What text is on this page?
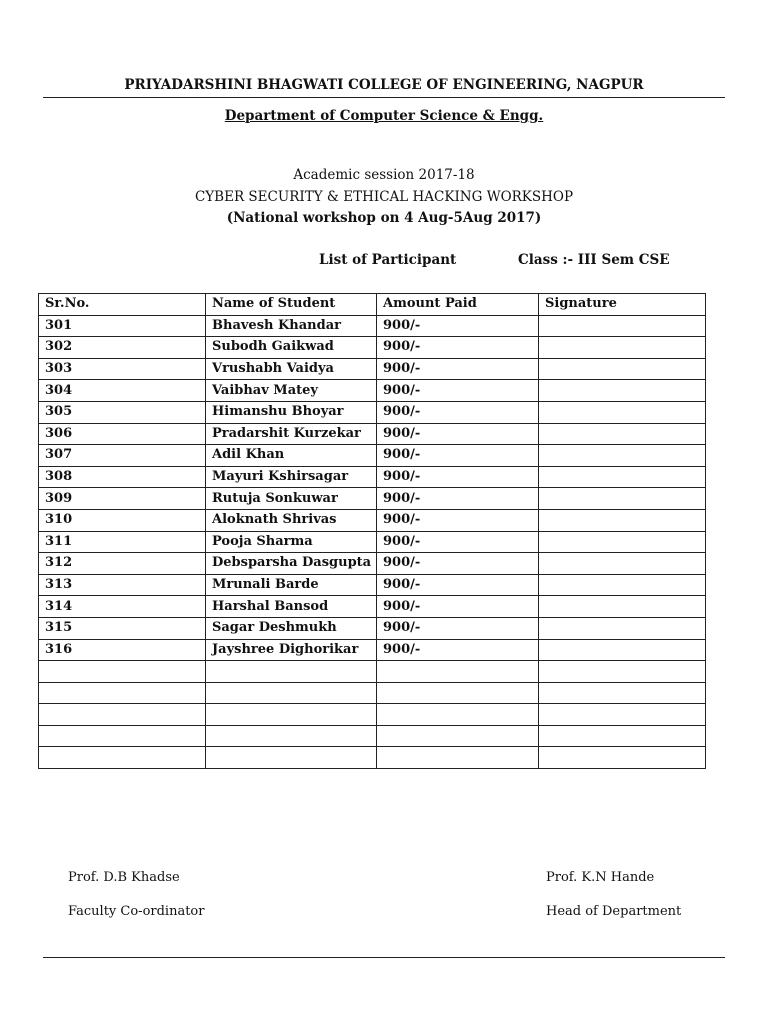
PRIYADARSHINI BHAGWATI COLLEGE OF ENGINEERING, NAGPUR
Department of Computer Science & Engg.
Academic session 2017-18
CYBER SECURITY & ETHICAL HACKING WORKSHOP
(National workshop on 4 Aug-5Aug 2017)
List of Participant	Class :- III Sem CSE
Sr.No.	Name of Student	Amount Paid	Signature
301	Bhavesh Khandar	900/-	
302	Subodh Gaikwad	900/-	
303	Vrushabh Vaidya	900/-	
304	Vaibhav Matey	900/-	
305	Himanshu Bhoyar	900/-	
306	Pradarshit Kurzekar	900/-	
307	Adil Khan	900/-	
308	Mayuri Kshirsagar	900/-	
309	Rutuja Sonkuwar	900/-	
310	Aloknath Shrivas	900/-	
311	Pooja Sharma	900/-	
312	Debsparsha Dasgupta	900/-	
313	Mrunali Barde	900/-	
314	Harshal Bansod	900/-	
315	Sagar Deshmukh	900/-	
316	Jayshree Dighorikar	900/-	

Prof. D.B Khadse
Faculty Co-ordinator
Prof. K.N Hande
Head of Department
